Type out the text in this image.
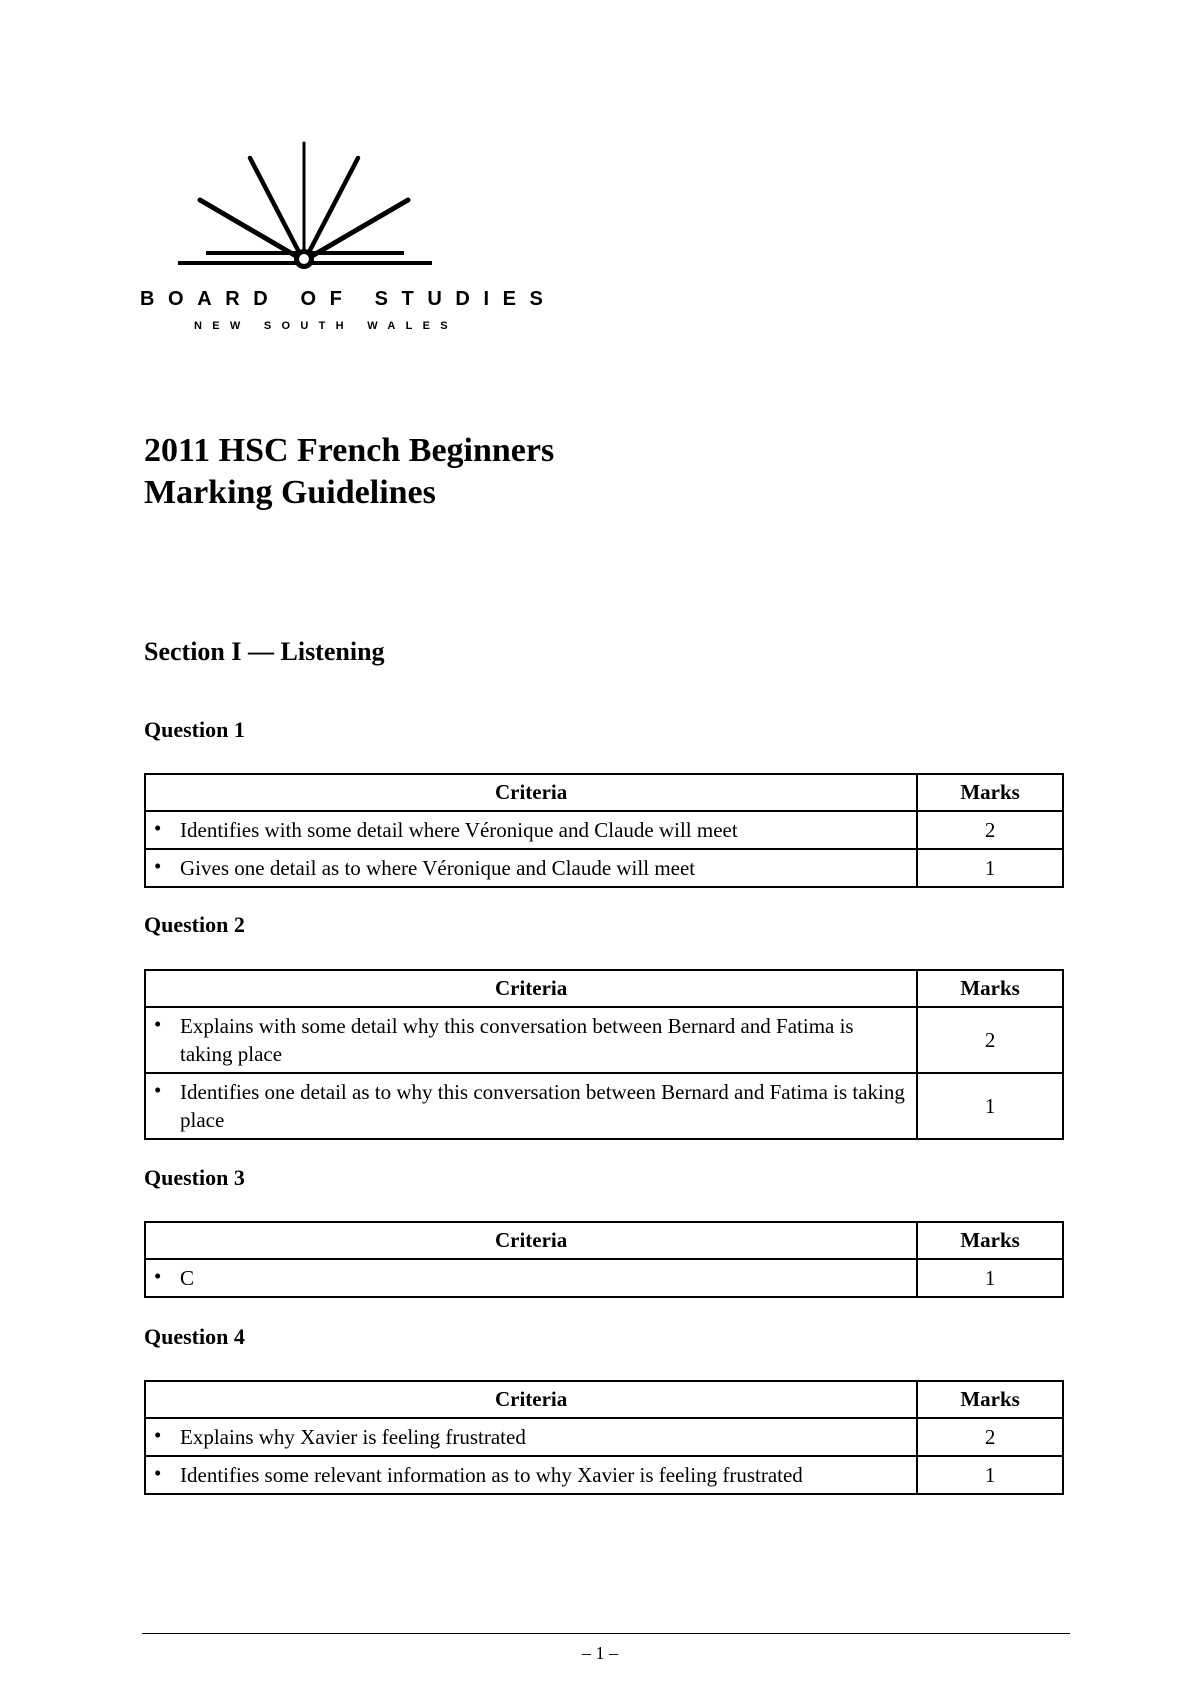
BOARD OF STUDIES
NEW SOUTH WALES
2011 HSC French Beginners
Marking Guidelines
Section I — Listening
Question 1
Criteria	Marks

• Identifies with some detail where Véronique and Claude will meet	2

• Gives one detail as to where Véronique and Claude will meet	1
Question 2
Criteria	Marks

• Explains with some detail why this conversation between Bernard and Fatima is taking place	2

• Identifies one detail as to why this conversation between Bernard and Fatima is taking place	1
Question 3
Criteria	Marks

• C	1
Question 4
Criteria	Marks

• Explains why Xavier is feeling frustrated	2

• Identifies some relevant information as to why Xavier is feeling frustrated	1
– 1 –
